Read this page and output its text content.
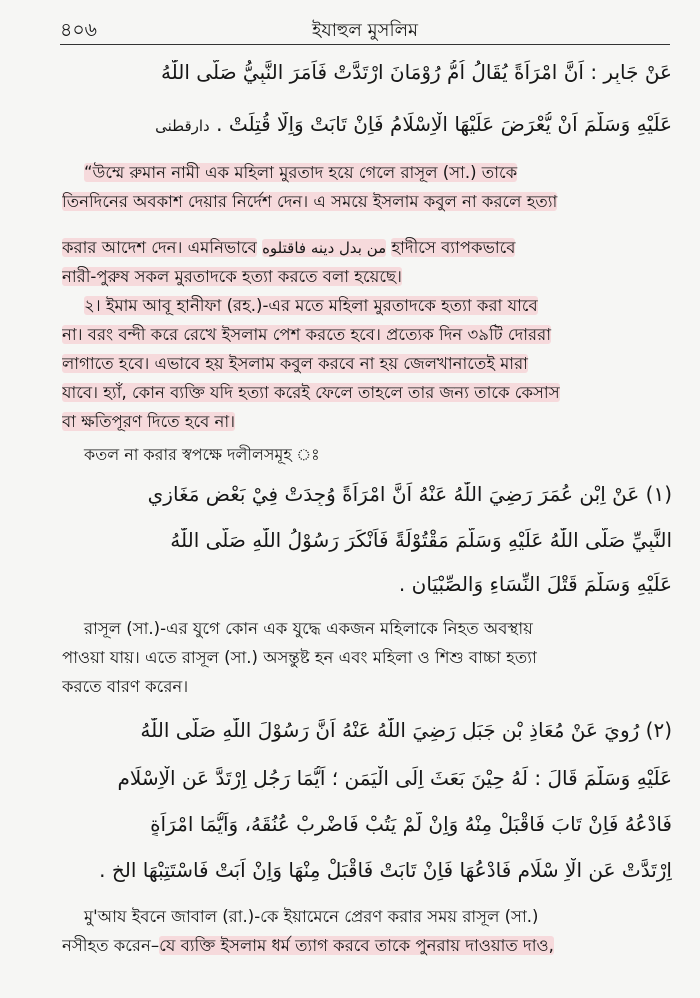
৪০৬	ইযাহুল মুসলিম
عَنْ جَابِرٍ : اَنَّ امْرَاَةً يُقَالُ اُمُّ رُوْمَانَ ارْتَدَّتْ فَاَمَرَ النَّبِيُّ صَلَّى اللّٰهُ
عَلَيْهِ وَسَلَّمَ اَنْ يُّعْرَضَ عَلَيْهَا الْاِسْلَامُ فَاِنْ تَابَتْ وَاِلَّا قُتِلَتْ . دارقطنی
“উম্মে রুমান নামী এক মহিলা মুরতাদ হয়ে গেলে রাসূল (সা.) তাকে
তিনদিনের অবকাশ দেয়ার নির্দেশ দেন। এ সময়ে ইসলাম কবুল না করলে হত্যা
করার আদেশ দেন। এমনিভাবে من بدل دينه فاقتلوه হাদীসে ব্যাপকভাবে
নারী-পুরুষ সকল মুরতাদকে হত্যা করতে বলা হয়েছে।
২। ইমাম আবূ হানীফা (রহ.)-এর মতে মহিলা মুরতাদকে হত্যা করা যাবে
না। বরং বন্দী করে রেখে ইসলাম পেশ করতে হবে। প্রত্যেক দিন ৩৯টি দোররা
লাগাতে হবে। এভাবে হয় ইসলাম কবুল করবে না হয় জেলখানাতেই মারা
যাবে। হ্যাঁ, কোন ব্যক্তি যদি হত্যা করেই ফেলে তাহলে তার জন্য তাকে কেসাস
বা ক্ষতিপূরণ দিতে হবে না।
কতল না করার স্বপক্ষে দলীলসমূহ ঃ
(۱) عَنْ اِبْنِ عُمَرَ رَضِيَ اللّٰهُ عَنْهُ اَنَّ امْرَاَةً وُجِدَتْ فِيْ بَعْضِ مَغَازِي
النَّبِيِّ صَلَّى اللّٰهُ عَلَيْهِ وَسَلَّمَ مَقْتُوْلَةً فَاَنْكَرَ رَسُوْلُ اللّٰهِ صَلَّى اللّٰهُ
عَلَيْهِ وَسَلَّمَ قَتْلَ النِّسَاءِ وَالصِّبْيَانِ .
রাসূল (সা.)-এর যুগে কোন এক যুদ্ধে একজন মহিলাকে নিহত অবস্থায়
পাওয়া যায়। এতে রাসূল (সা.) অসন্তুষ্ট হন এবং মহিলা ও শিশু বাচ্চা হত্যা
করতে বারণ করেন।
(۲) رُوِيَ عَنْ مُعَاذِ بْنِ جَبَلٍ رَضِيَ اللّٰهُ عَنْهُ اَنَّ رَسُوْلَ اللّٰهِ صَلَّى اللّٰهُ
عَلَيْهِ وَسَلَّمَ قَالَ : لَهُ حِيْنَ بَعَثَ اِلَى الْيَمَنِ ؛ اَيُّمَا رَجُلٍ اِرْتَدَّ عَنِ الْاِسْلَامِ
فَادْعُهُ فَاِنْ تَابَ فَاقْبَلْ مِنْهُ وَاِنْ لَّمْ يَتُبْ فَاضْرِبْ عُنُقَهُ، وَاَيُّمَا امْرَاَةٍ
اِرْتَدَّتْ عَنِ الْاِ سْلَامِ فَادْعُهَا فَاِنْ تَابَتْ فَاقْبَلْ مِنْهَا وَاِنْ اَبَتْ فَاسْتَتِبْهَا الخ .
মু'আয ইবনে জাবাল (রা.)-কে ইয়ামেনে প্রেরণ করার সময় রাসূল (সা.)
নসীহত করেন–যে ব্যক্তি ইসলাম ধর্ম ত্যাগ করবে তাকে পুনরায় দাওয়াত দাও,
